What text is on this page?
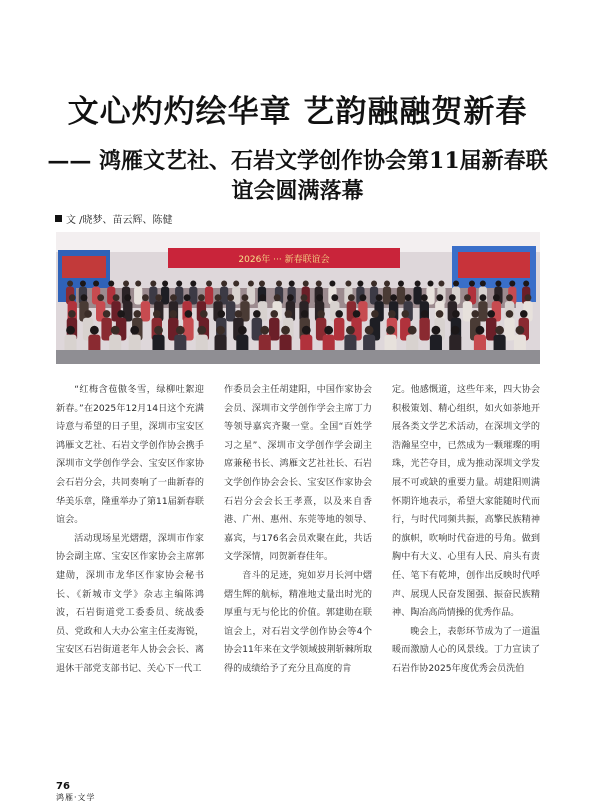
文心灼灼绘华章 艺韵融融贺新春
—— 鸿雁文艺社、石岩文学创作协会第11届新春联谊会圆满落幕
文 /晓梦、苗云辉、陈健
2026年 ··· 新春联谊会

“红梅含苞傲冬雪，绿柳吐絮迎新春。”在2025年12月14日这个充满诗意与希望的日子里，深圳市宝安区鸿雁文艺社、石岩文学创作协会携手深圳市文学创作学会、宝安区作家协会石岩分会，共同奏响了一曲新春的华美乐章，隆重举办了第11届新春联谊会。

活动现场星光熠熠，深圳市作家协会副主席、宝安区作家协会主席郭建勋，深圳市龙华区作家协会秘书长、《新城市文学》杂志主编陈鸿波，石岩街道党工委委员、统战委员、党政和人大办公室主任麦海锐，宝安区石岩街道老年人协会会长、离退休干部党支部书记、关心下一代工

作委员会主任胡建阳，中国作家协会会员、深圳市文学创作学会主席丁力等领导嘉宾齐聚一堂。全国“百姓学习之星”、深圳市文学创作学会副主席兼秘书长、鸿雁文艺社社长、石岩文学创作协会会长、宝安区作家协会石岩分会会长王孝熹，以及来自香港、广州、惠州、东莞等地的领导、嘉宾，与176名会员欢聚在此，共话文学深情，同贺新春佳年。

音斗的足迹，宛如岁月长河中熠熠生辉的航标，精准地丈量出时光的厚重与无与伦比的价值。郭建勋在联谊会上，对石岩文学创作协会等4个协会11年来在文学领域披荆斩棘所取得的成绩给予了充分且高度的肯

定。他感慨道，这些年来，四大协会积极策划、精心组织，如火如荼地开展各类文学艺术活动，在深圳文学的浩瀚星空中，已然成为一颗璀璨的明珠，光芒夺目，成为推动深圳文学发展不可或缺的重要力量。胡建阳则满怀期许地表示，希望大家能随时代而行，与时代同频共振，高擎民族精神的旗帜，吹响时代奋进的号角。做到胸中有大义、心里有人民、肩头有责任、笔下有乾坤，创作出反映时代呼声、展现人民奋发图强、振奋民族精神、陶冶高尚情操的优秀作品。

晚会上，表彰环节成为了一道温暖而激励人心的风景线。丁力宣读了石岩作协2025年度优秀会员洗伯

76
鸿雁·文学
